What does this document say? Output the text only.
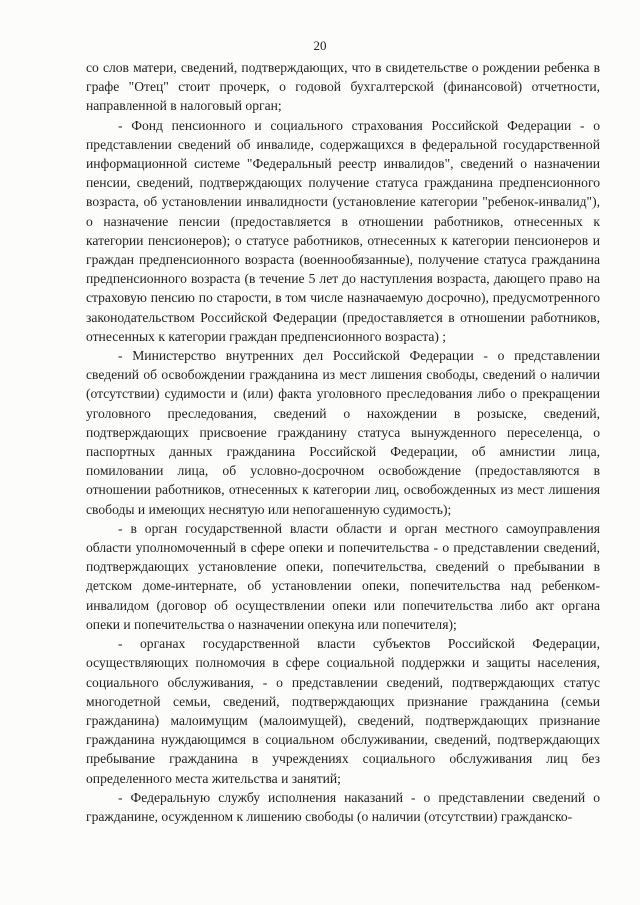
20

со слов матери, сведений, подтверждающих, что в свидетельстве о рождении ребенка в графе "Отец" стоит прочерк, о годовой бухгалтерской (финансовой) отчетности, направленной в налоговый орган;

- Фонд пенсионного и социального страхования Российской Федерации - о представлении сведений об инвалиде, содержащихся в федеральной государственной информационной системе "Федеральный реестр инвалидов", сведений о назначении пенсии, сведений, подтверждающих получение статуса гражданина предпенсионного возраста, об установлении инвалидности (установление категории "ребенок-инвалид"), о назначение пенсии (предоставляется в отношении работников, отнесенных к категории пенсионеров); о статусе работников, отнесенных к категории пенсионеров и граждан предпенсионного возраста (военнообязанные), получение статуса гражданина предпенсионного возраста (в течение 5 лет до наступления возраста, дающего право на страховую пенсию по старости, в том числе назначаемую досрочно), предусмотренного законодательством Российской Федерации (предоставляется в отношении работников, отнесенных к категории граждан предпенсионного возраста) ;

- Министерство внутренних дел Российской Федерации - о представлении сведений об освобождении гражданина из мест лишения свободы, сведений о наличии (отсутствии) судимости и (или) факта уголовного преследования либо о прекращении уголовного преследования, сведений о нахождении в розыске, сведений, подтверждающих присвоение гражданину статуса вынужденного переселенца, о паспортных данных гражданина Российской Федерации, об амнистии лица, помиловании лица, об условно-досрочном освобождение (предоставляются в отношении работников, отнесенных к категории лиц, освобожденных из мест лишения свободы и имеющих неснятую или непогашенную судимость);

- в орган государственной власти области и орган местного самоуправления области уполномоченный в сфере опеки и попечительства - о представлении сведений, подтверждающих установление опеки, попечительства, сведений о пребывании в детском доме-интернате, об установлении опеки, попечительства над ребенком-инвалидом (договор об осуществлении опеки или попечительства либо акт органа опеки и попечительства о назначении опекуна или попечителя);

- органах государственной власти субъектов Российской Федерации, осуществляющих полномочия в сфере социальной поддержки и защиты населения, социального обслуживания, - о представлении сведений, подтверждающих статус многодетной семьи, сведений, подтверждающих признание гражданина (семьи гражданина) малоимущим (малоимущей), сведений, подтверждающих признание гражданина нуждающимся в социальном обслуживании, сведений, подтверждающих пребывание гражданина в учреждениях социального обслуживания лиц без определенного места жительства и занятий;

- Федеральную службу исполнения наказаний - о представлении сведений о гражданине, осужденном к лишению свободы (о наличии (отсутствии) гражданско-
